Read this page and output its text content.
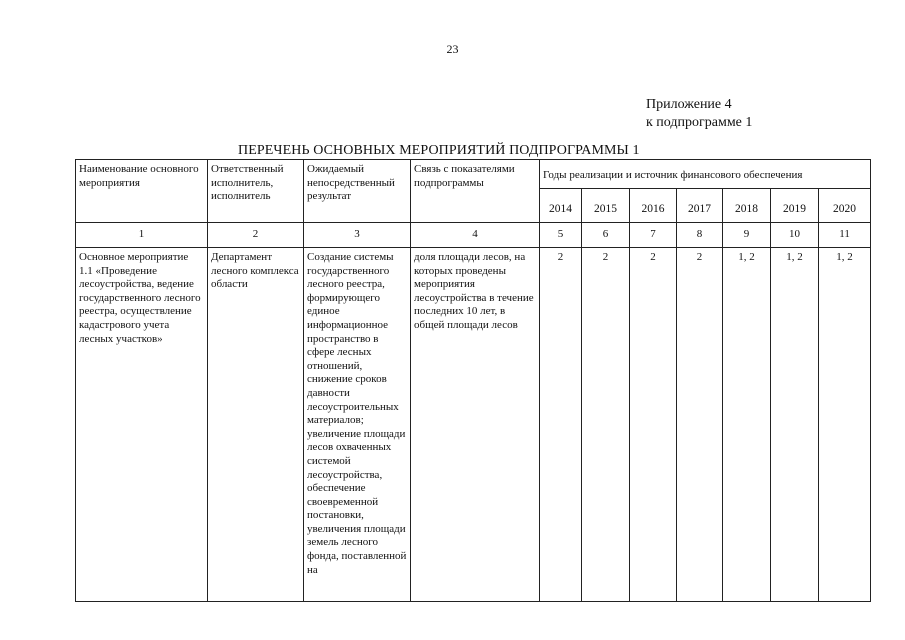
23
Приложение 4
к подпрограмме 1
ПЕРЕЧЕНЬ ОСНОВНЫХ МЕРОПРИЯТИЙ ПОДПРОГРАММЫ 1
Наименование основного мероприятия	Ответственный исполнитель, исполнитель	Ожидаемый непосредственный результат	Связь с показателями подпрограммы	Годы реализации и источник финансового обеспечения						

				2014	2015	2016	2017	2018	2019	2020
1	2	3	4	5	6	7	8	9	10	11
Основное мероприятие 1.1 «Проведение лесоустройства, ведение государственного лесного реестра, осуществление кадастрового учета лесных участков»	Департамент лесного комплекса области	Создание системы государственного лесного реестра, формирующего единое информационное пространство в сфере лесных отношений, снижение сроков давности лесоустроительных материалов; увеличение площади лесов охваченных системой лесоустройства, обеспечение своевременной постановки, увеличения площади земель лесного фонда, поставленной на	доля площади лесов, на которых проведены мероприятия лесоустройства в течение последних 10 лет, в общей площади лесов	2	2	2	2	1, 2	1, 2	1, 2
